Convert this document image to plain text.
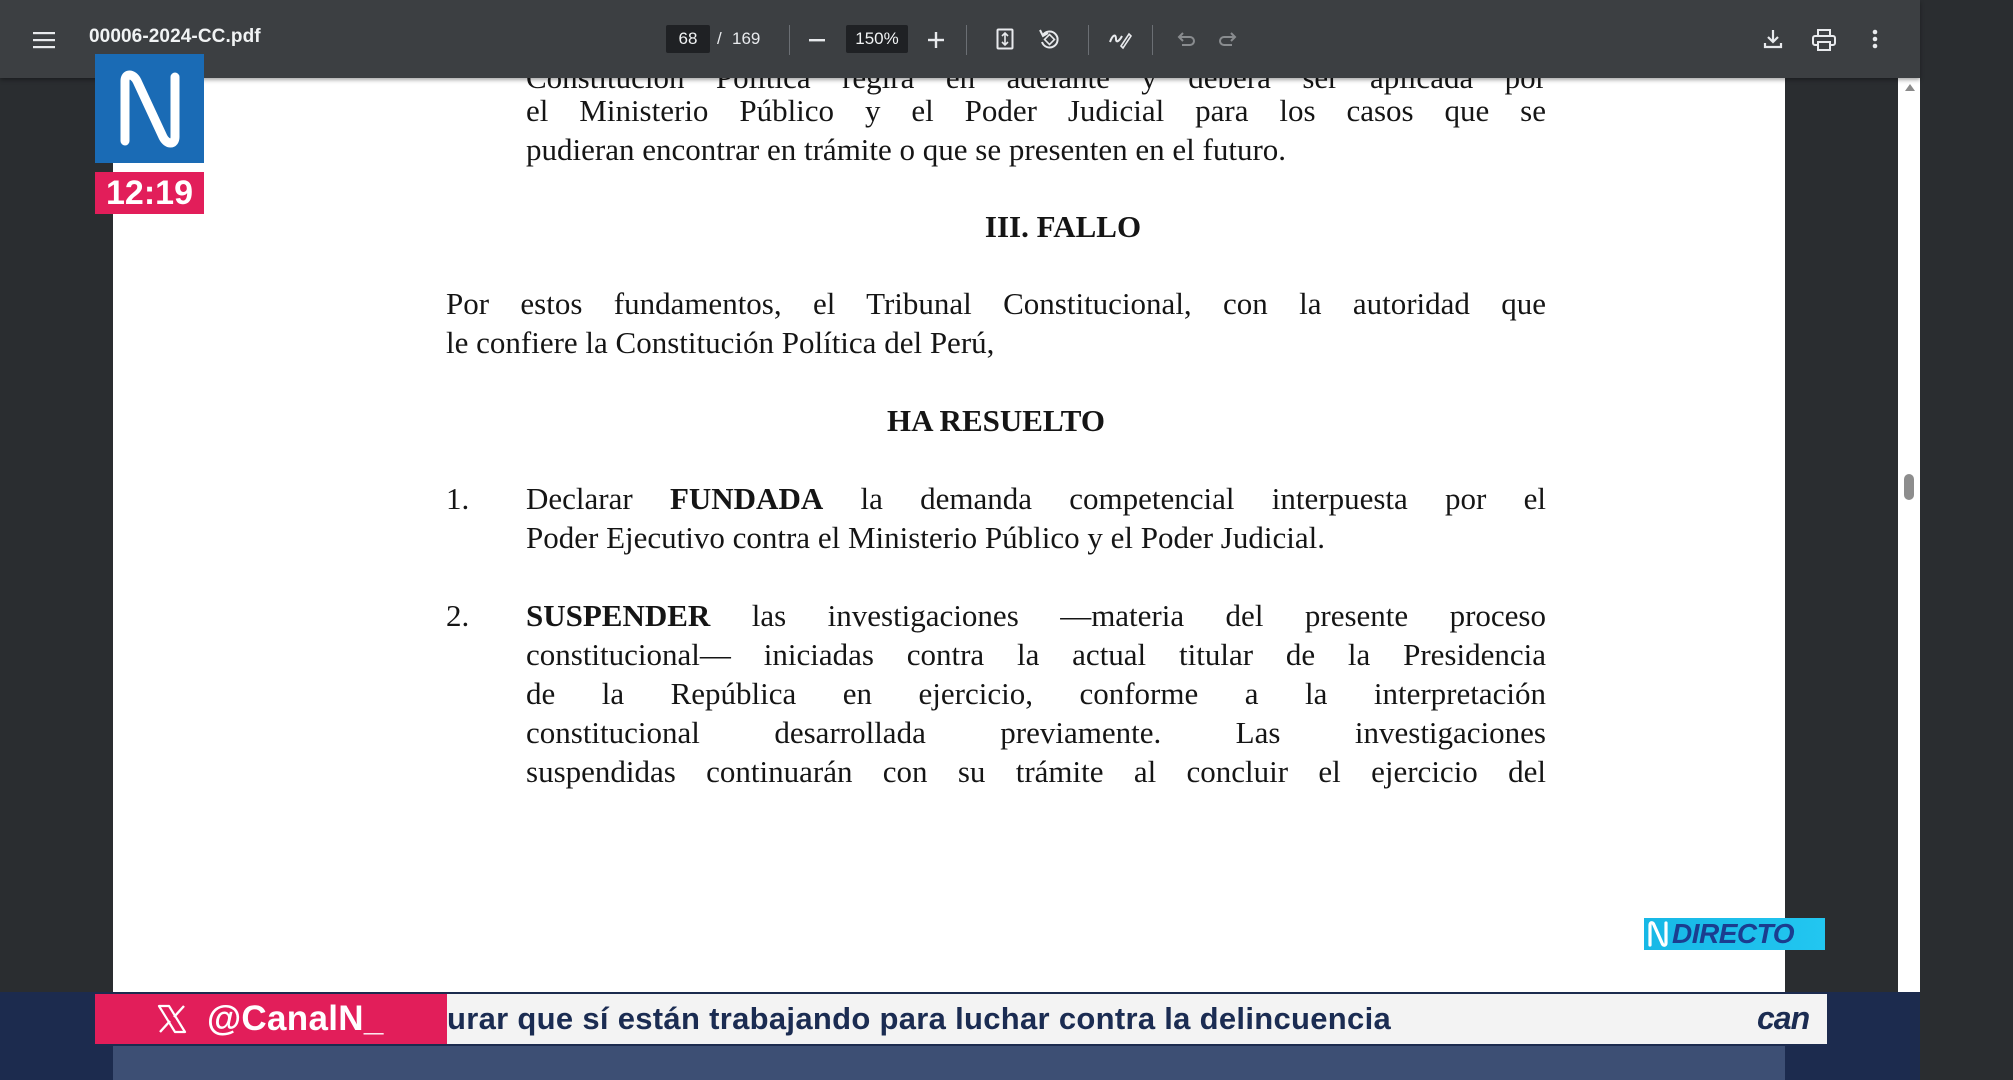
00006-2024-CC.pdf	68	/ 169	150%
el Ministerio Público y el Poder Judicial para los casos que se
pudieran encontrar en trámite o que se presenten en el futuro.
III. FALLO
Por estos fundamentos, el Tribunal Constitucional, con la autoridad que
le confiere la Constitución Política del Perú,
HA RESUELTO
1. Declarar FUNDADA la demanda competencial interpuesta por el
Poder Ejecutivo contra el Ministerio Público y el Poder Judicial.
2. SUSPENDER las investigaciones —materia del presente proceso
constitucional— iniciadas contra la actual titular de la Presidencia
de la República en ejercicio, conforme a la interpretación
constitucional desarrollada previamente. Las investigaciones
suspendidas continuarán con su trámite al concluir el ejercicio del
12:19
DIRECTO
@CanalN_ urar que sí están trabajando para luchar contra la delincuencia	can
